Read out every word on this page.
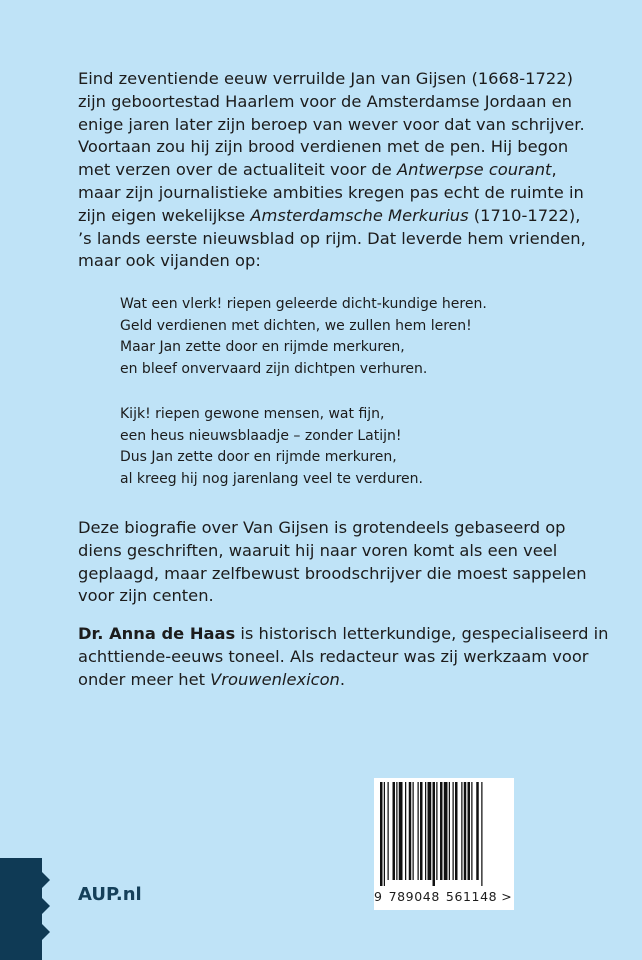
Eind zeventiende eeuw verruilde Jan van Gijsen (1668-1722)
zijn geboortestad Haarlem voor de Amsterdamse Jordaan en
enige jaren later zijn beroep van wever voor dat van schrijver.
Voortaan zou hij zijn brood verdienen met de pen. Hij begon
met verzen over de actualiteit voor de Antwerpse courant,
maar zijn journalistieke ambities kregen pas echt de ruimte in
zijn eigen wekelijkse Amsterdamsche Merkurius (1710-1722),
’s lands eerste nieuwsblad op rijm. Dat leverde hem vrienden,
maar ook vijanden op:
Wat een vlerk! riepen geleerde dicht-kundige heren.
Geld verdienen met dichten, we zullen hem leren!
Maar Jan zette door en rijmde merkuren,
en bleef onvervaard zijn dichtpen verhuren.
Kijk! riepen gewone mensen, wat fijn,
een heus nieuwsblaadje – zonder Latijn!
Dus Jan zette door en rijmde merkuren,
al kreeg hij nog jarenlang veel te verduren.
Deze biografie over Van Gijsen is grotendeels gebaseerd op
diens geschriften, waaruit hij naar voren komt als een veel
geplaagd, maar zelfbewust broodschrijver die moest sappelen
voor zijn centen.
Dr. Anna de Haas is historisch letterkundige, gespecialiseerd in
achttiende-eeuws toneel. Als redacteur was zij werkzaam voor
onder meer het Vrouwenlexicon.
9 789048 561148 >
AUP.nl
